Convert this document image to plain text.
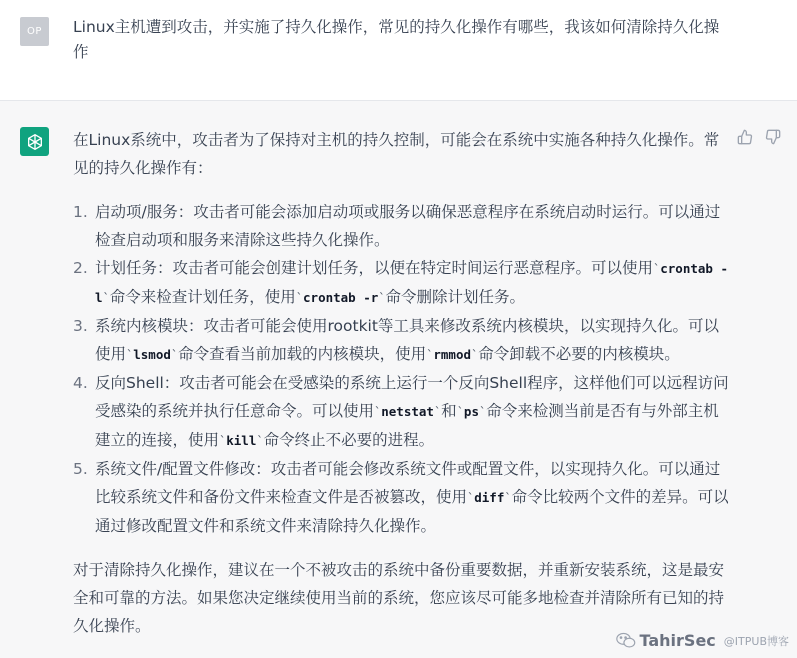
OP Linux主机遭到攻击，并实施了持久化操作，常见的持久化操作有哪些，我该如何清除持久化操作

在Linux系统中，攻击者为了保持对主机的持久控制，可能会在系统中实施各种持久化操作。常见的持久化操作有：

1. 启动项/服务：攻击者可能会添加启动项或服务以确保恶意程序在系统启动时运行。可以通过检查启动项和服务来清除这些持久化操作。
2. 计划任务：攻击者可能会创建计划任务，以便在特定时间运行恶意程序。可以使用`crontab -l`命令来检查计划任务，使用`crontab -r`命令删除计划任务。
3. 系统内核模块：攻击者可能会使用rootkit等工具来修改系统内核模块，以实现持久化。可以使用`lsmod`命令查看当前加载的内核模块，使用`rmmod`命令卸载不必要的内核模块。
4. 反向Shell：攻击者可能会在受感染的系统上运行一个反向Shell程序，这样他们可以远程访问受感染的系统并执行任意命令。可以使用`netstat`和`ps`命令来检测当前是否有与外部主机建立的连接，使用`kill`命令终止不必要的进程。
5. 系统文件/配置文件修改：攻击者可能会修改系统文件或配置文件，以实现持久化。可以通过比较系统文件和备份文件来检查文件是否被篡改，使用`diff`命令比较两个文件的差异。可以通过修改配置文件和系统文件来清除持久化操作。

对于清除持久化操作，建议在一个不被攻击的系统中备份重要数据，并重新安装系统，这是最安全和可靠的方法。如果您决定继续使用当前的系统，您应该尽可能多地检查并清除所有已知的持久化操作。

TahirSec @ITPUB博客
